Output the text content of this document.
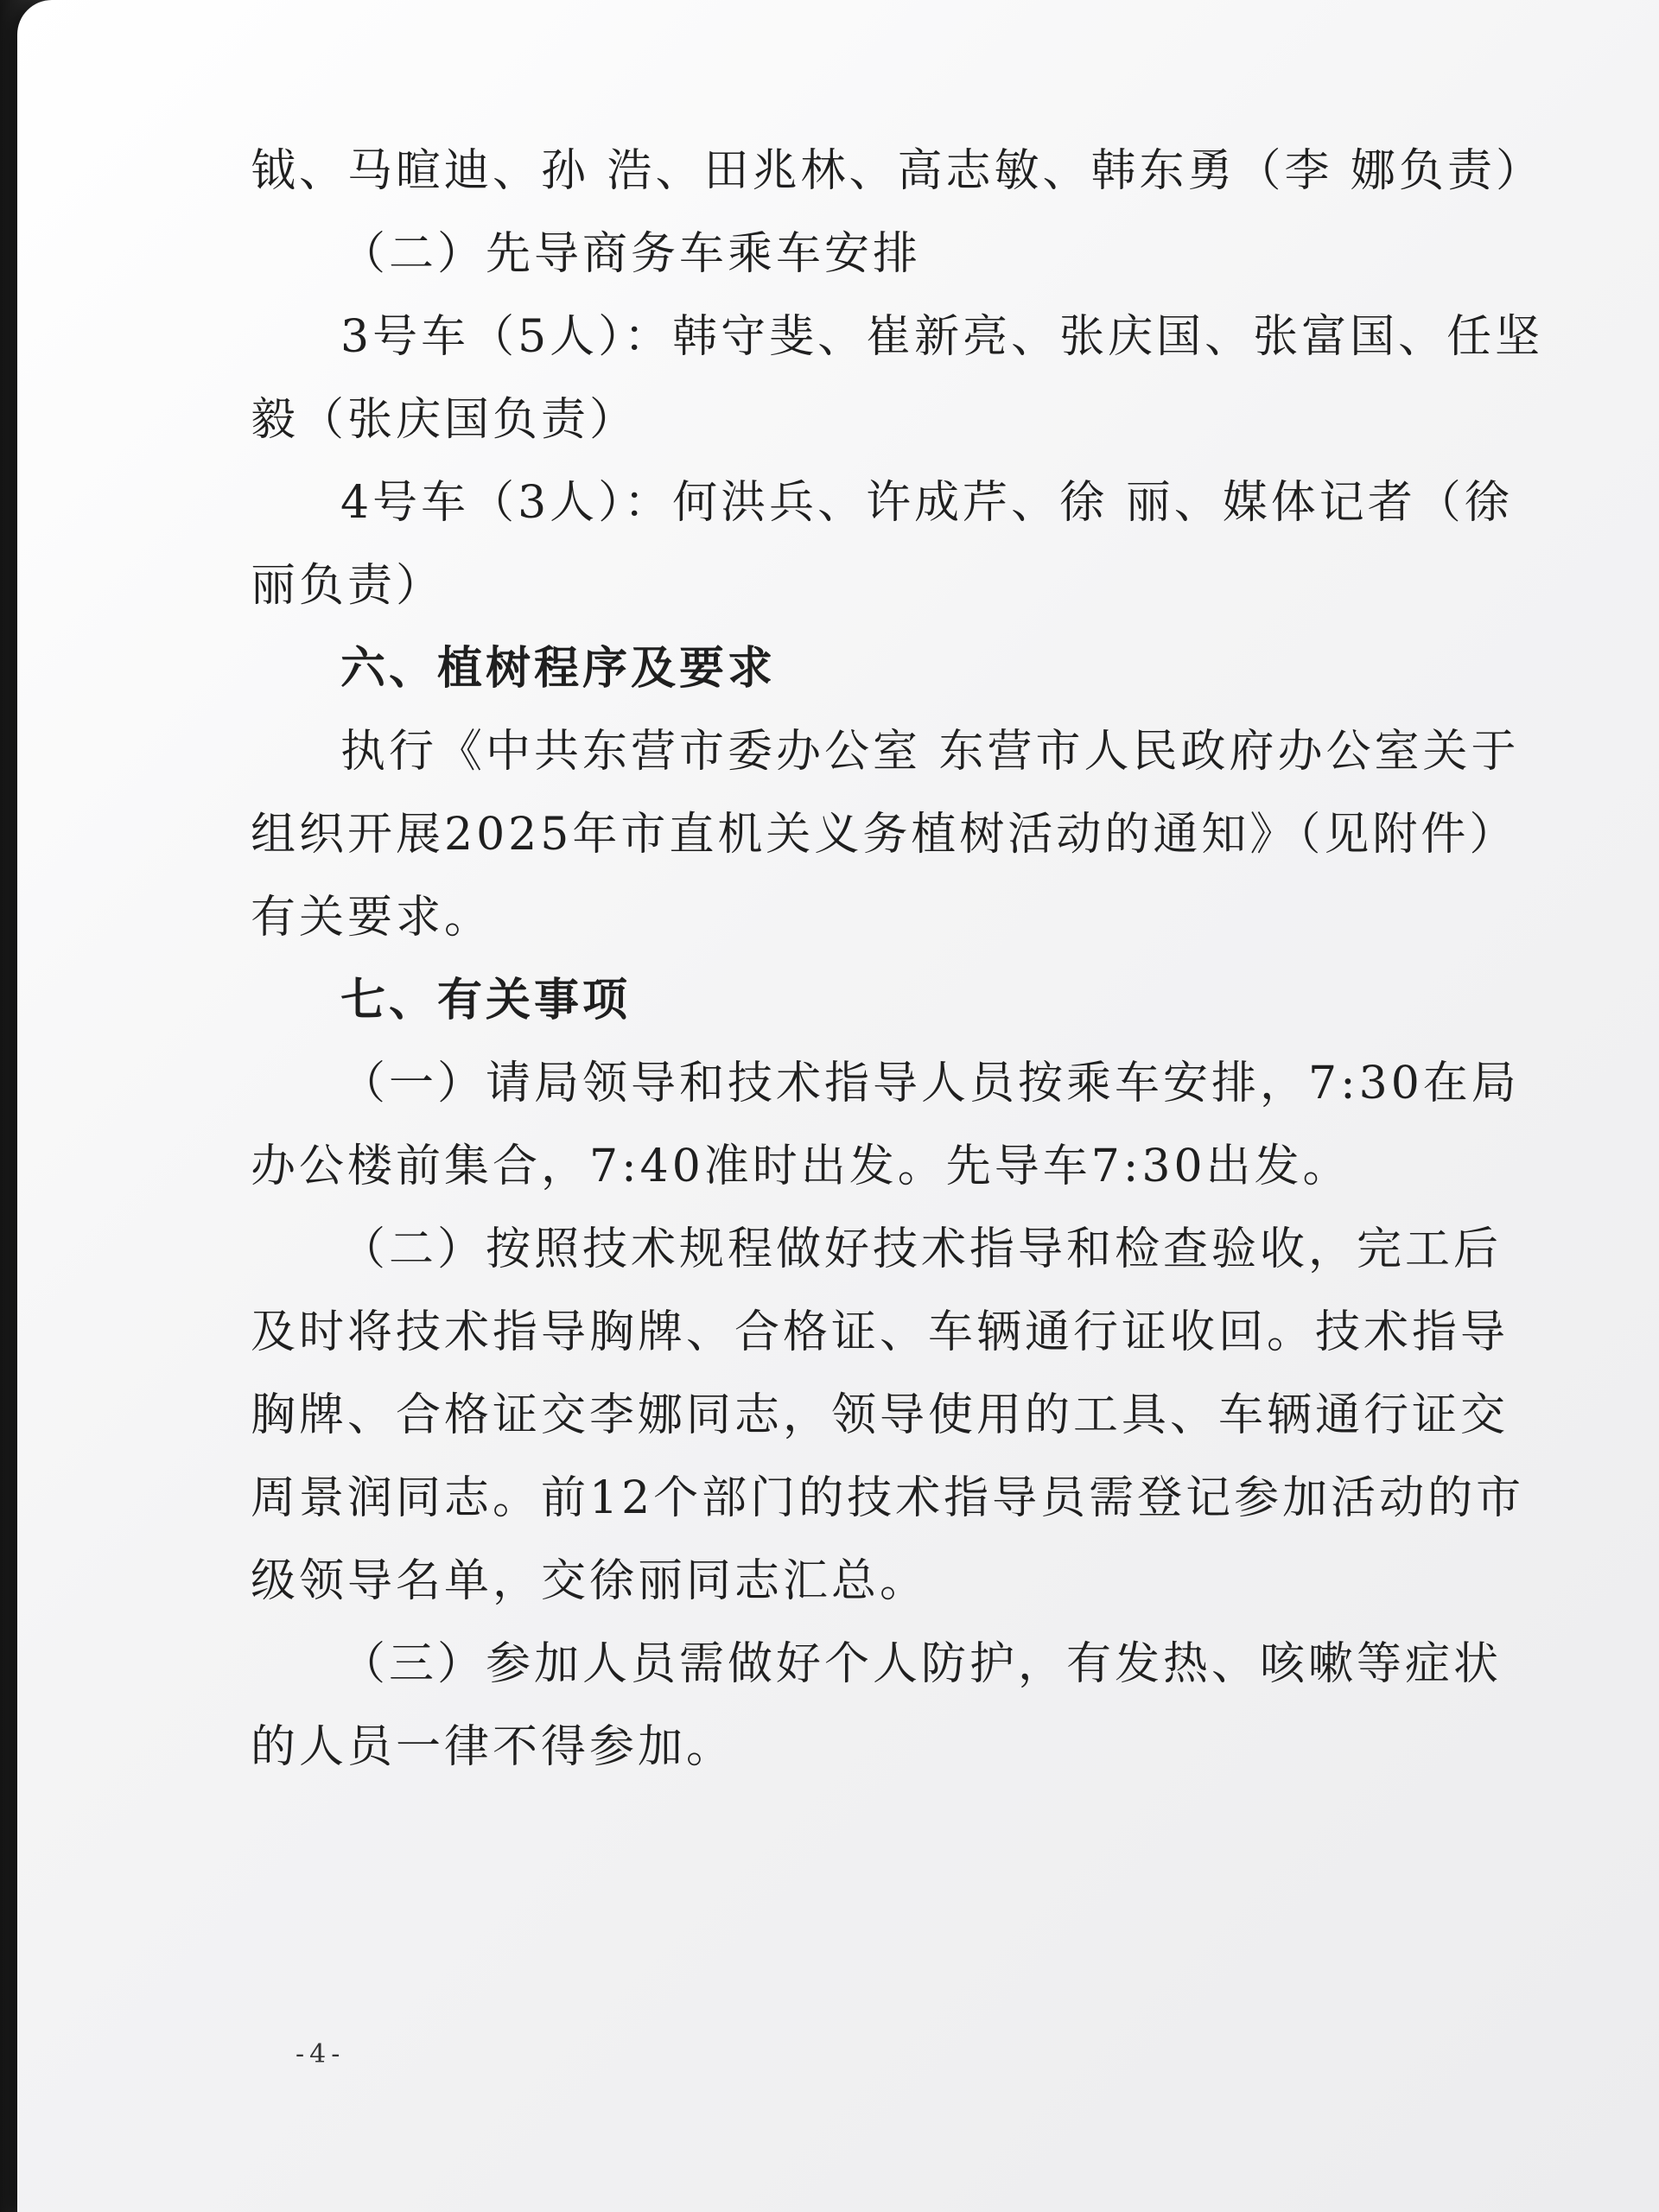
钺、马暄迪、孙 浩、田兆林、高志敏、韩东勇（李 娜负责）

（二）先导商务车乘车安排

3号车（5人）：韩守斐、崔新亮、张庆国、张富国、任坚毅（张庆国负责）

4号车（3人）：何洪兵、许成芹、徐 丽、媒体记者（徐 丽负责）

六、植树程序及要求

执行《中共东营市委办公室 东营市人民政府办公室关于组织开展2025年市直机关义务植树活动的通知》（见附件）有关要求。

七、有关事项

（一）请局领导和技术指导人员按乘车安排，7:30在局办公楼前集合，7:40准时出发。先导车7:30出发。

（二）按照技术规程做好技术指导和检查验收，完工后及时将技术指导胸牌、合格证、车辆通行证收回。技术指导胸牌、合格证交李娜同志，领导使用的工具、车辆通行证交周景润同志。前12个部门的技术指导员需登记参加活动的市级领导名单，交徐丽同志汇总。

（三）参加人员需做好个人防护，有发热、咳嗽等症状的人员一律不得参加。

-4-
